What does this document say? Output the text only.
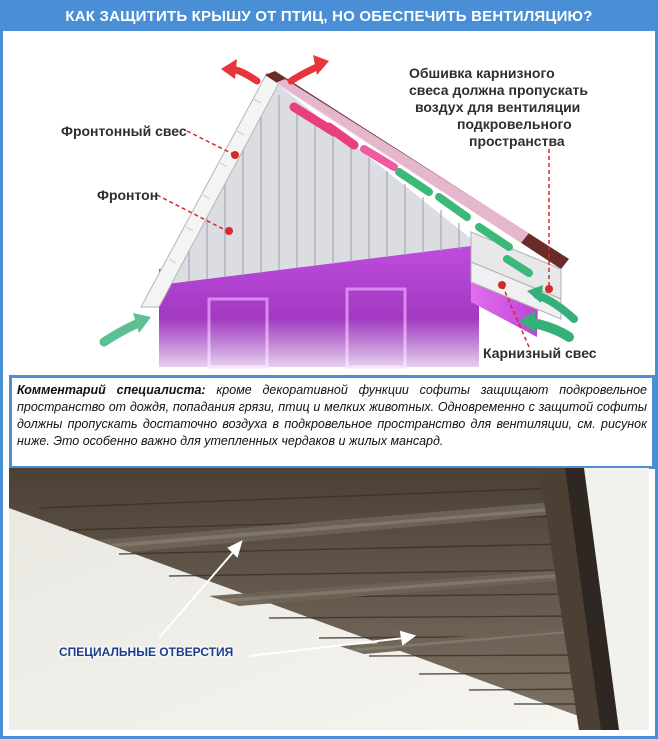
КАК ЗАЩИТИТЬ КРЫШУ ОТ ПТИЦ, НО ОБЕСПЕЧИТЬ ВЕНТИЛЯЦИЮ?
Фронтонный свес
Фронтон
Обшивка карнизного
свеса должна пропускать
воздух для вентиляции
подкровельного
пространства
Карнизный свес
Комментарий специалиста: кроме декоративной функции софиты защищают подкровельное пространство от дождя, попадания грязи, птиц и мелких животных. Одновременно с защитой софиты должны пропускать достаточно воздуха в подкровельное пространство для вентиляции, см. рисунок ниже. Это особенно важно для утепленных чердаков и жилых мансард.
СПЕЦИАЛЬНЫЕ ОТВЕРСТИЯ
